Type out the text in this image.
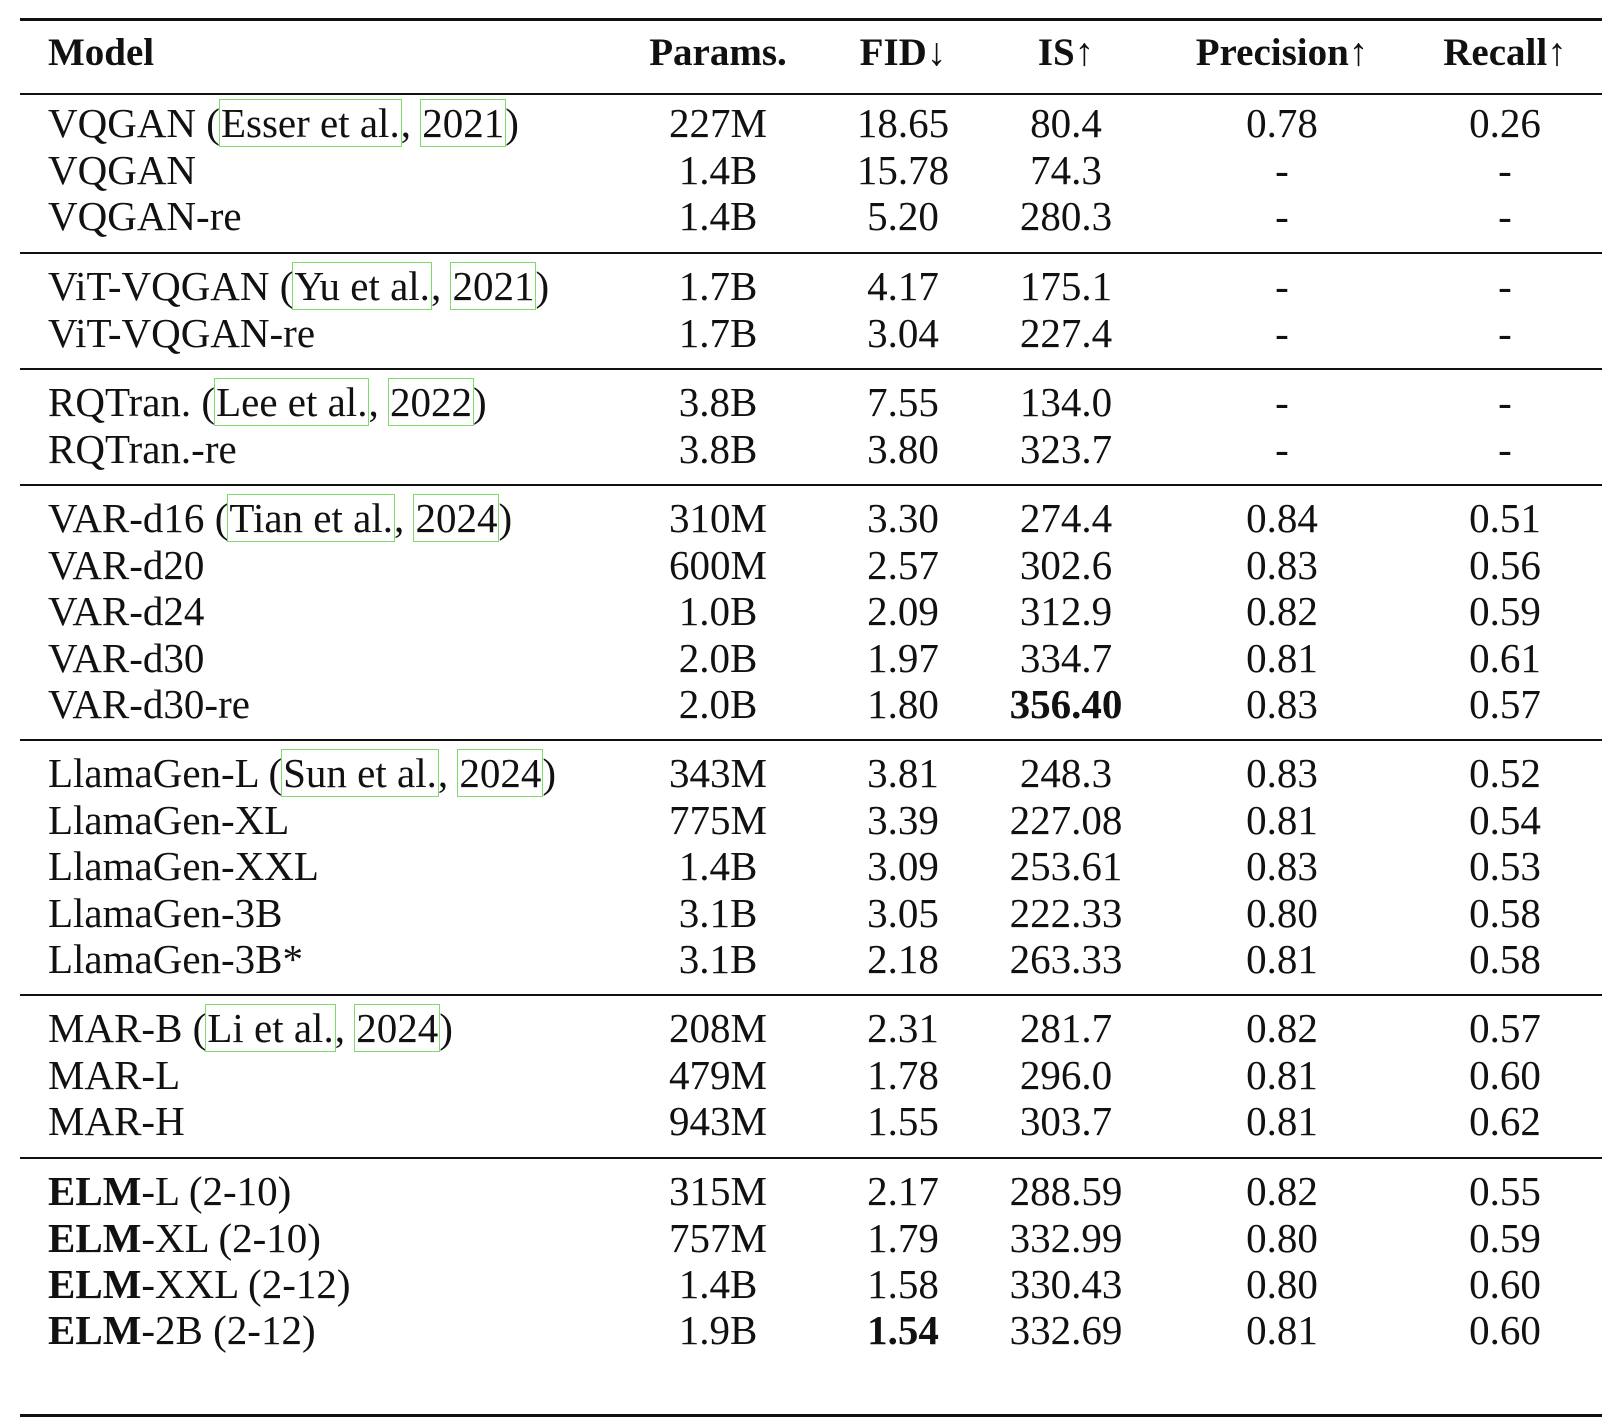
Model	Params.	FID↓	IS↑	Precision↑	Recall↑
VQGAN (Esser et al., 2021)	227M	18.65	80.4	0.78	0.26
VQGAN	1.4B	15.78	74.3	-	-
VQGAN-re	1.4B	5.20	280.3	-	-
ViT-VQGAN (Yu et al., 2021)	1.7B	4.17	175.1	-	-
ViT-VQGAN-re	1.7B	3.04	227.4	-	-
RQTran. (Lee et al., 2022)	3.8B	7.55	134.0	-	-
RQTran.-re	3.8B	3.80	323.7	-	-
VAR-d16 (Tian et al., 2024)	310M	3.30	274.4	0.84	0.51
VAR-d20	600M	2.57	302.6	0.83	0.56
VAR-d24	1.0B	2.09	312.9	0.82	0.59
VAR-d30	2.0B	1.97	334.7	0.81	0.61
VAR-d30-re	2.0B	1.80	356.40	0.83	0.57
LlamaGen-L (Sun et al., 2024)	343M	3.81	248.3	0.83	0.52
LlamaGen-XL	775M	3.39	227.08	0.81	0.54
LlamaGen-XXL	1.4B	3.09	253.61	0.83	0.53
LlamaGen-3B	3.1B	3.05	222.33	0.80	0.58
LlamaGen-3B*	3.1B	2.18	263.33	0.81	0.58
MAR-B (Li et al., 2024)	208M	2.31	281.7	0.82	0.57
MAR-L	479M	1.78	296.0	0.81	0.60
MAR-H	943M	1.55	303.7	0.81	0.62
ELM-L (2-10)	315M	2.17	288.59	0.82	0.55
ELM-XL (2-10)	757M	1.79	332.99	0.80	0.59
ELM-XXL (2-12)	1.4B	1.58	330.43	0.80	0.60
ELM-2B (2-12)	1.9B	1.54	332.69	0.81	0.60
